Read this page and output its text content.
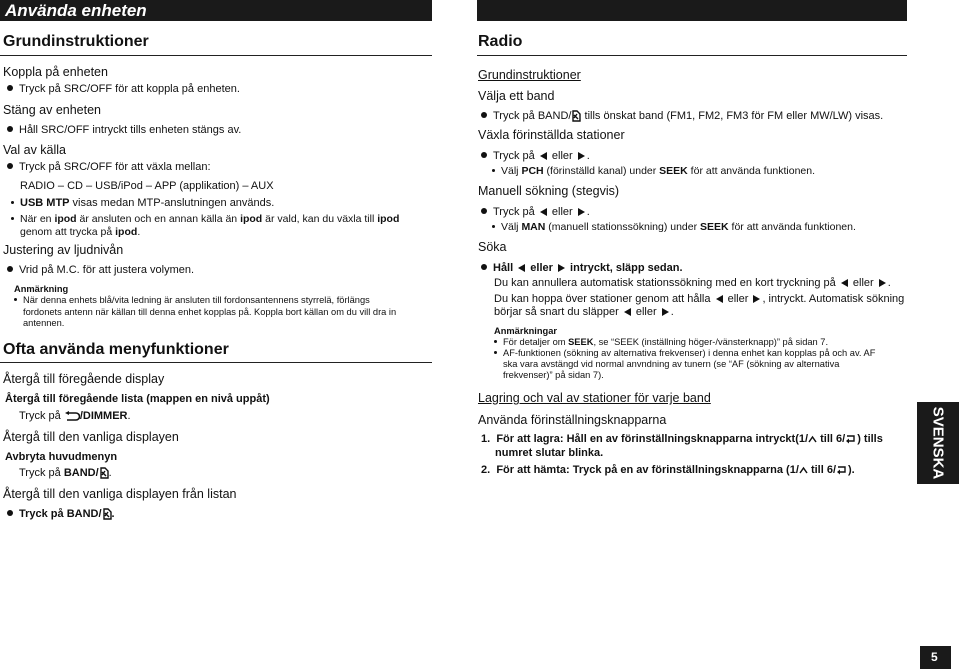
Använda enheten
Grundinstruktioner
Koppla på enheten
Tryck på SRC/OFF för att koppla på enheten.
Stäng av enheten
Håll SRC/OFF intryckt tills enheten stängs av.
Val av källa
Tryck på SRC/OFF för att växla mellan:
RADIO – CD – USB/iPod – APP (applikation) – AUX
USB MTP visas medan MTP-anslutningen används.
När en ipod är ansluten och en annan källa än ipod är vald, kan du växla till ipod
genom att trycka på ipod.
Justering av ljudnivån
Vrid på M.C. för att justera volymen.
Anmärkning
När denna enhets blå/vita ledning är ansluten till fordonsantennens styrrelä, förlängs
fordonets antenn när källan till denna enhet kopplas på. Koppla bort källan om du vill dra in
antennen.
Ofta använda menyfunktioner
Återgå till föregående display
Återgå till föregående lista (mappen en nivå uppåt)
Tryck på /DIMMER.
Återgå till den vanliga displayen
Avbryta huvudmenyn
Tryck på BAND/ .
Återgå till den vanliga displayen från listan
Tryck på BAND/ .
Radio
Grundinstruktioner
Välja ett band
Tryck på BAND/ tills önskat band (FM1, FM2, FM3 för FM eller MW/LW) visas.
Växla förinställda stationer
Tryck på  eller .
Välj PCH (förinställd kanal) under SEEK för att använda funktionen.
Manuell sökning (stegvis)
Tryck på  eller .
Välj MAN (manuell stationssökning) under SEEK för att använda funktionen.
Söka
Håll  eller  intryckt, släpp sedan.
Du kan annullera automatisk stationssökning med en kort tryckning på  eller .
Du kan hoppa över stationer genom att hålla  eller , intryckt. Automatisk sökning
börjar så snart du släpper  eller .
Anmärkningar
För detaljer om SEEK, se “SEEK (inställning höger-/vänsterknapp)” på sidan 7.
AF-funktionen (sökning av alternativa frekvenser) i denna enhet kan kopplas på och av. AF
ska vara avstängd vid normal anvndning av tunern (se “AF (sökning av alternativa
frekvenser)” på sidan 7).
Lagring och val av stationer för varje band
Använda förinställningsknapparna
1. För att lagra: Håll en av förinställningsknapparna intryckt(1/ till 6/ ) tills
numret slutar blinka.
2. För att hämta: Tryck på en av förinställningsknapparna (1/ till 6/ ).	SVENSKA
5
